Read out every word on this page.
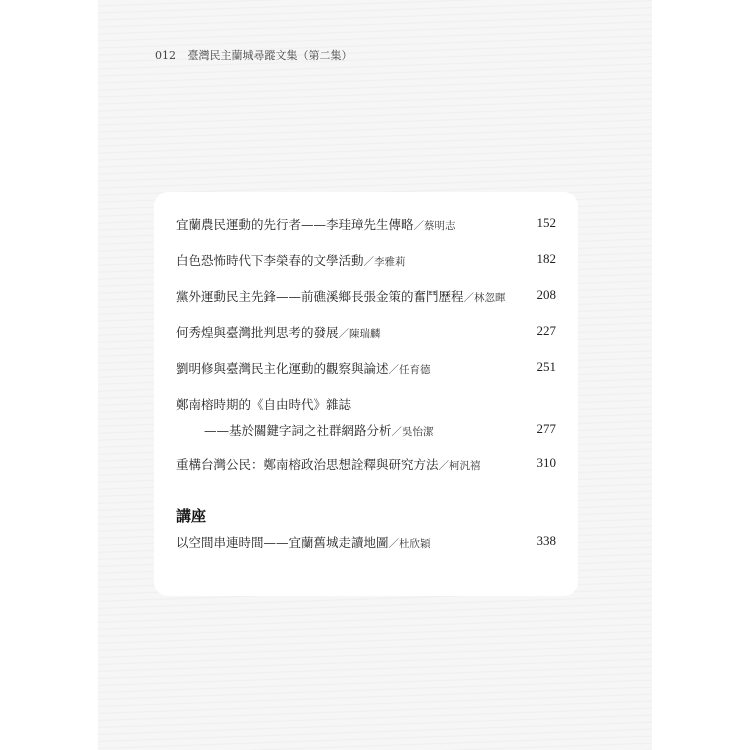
012 臺灣民主蘭城尋蹤文集（第二集）
宜蘭農民運動的先行者——李珪璋先生傳略／蔡明志	152
白色恐怖時代下李榮春的文學活動／李雅莉	182
黨外運動民主先鋒——前礁溪鄉長張金策的奮鬥歷程／林忽暉 208
何秀煌與臺灣批判思考的發展／陳瑞麟	227
劉明修與臺灣民主化運動的觀察與論述／任育德	251
鄭南榕時期的《自由時代》雜誌
——基於關鍵字詞之社群網路分析／吳怡潔	277
重構台灣公民：鄭南榕政治思想詮釋與研究方法／柯汎禧	310
講座
以空間串連時間——宜蘭舊城走讀地圖／杜欣穎	338
